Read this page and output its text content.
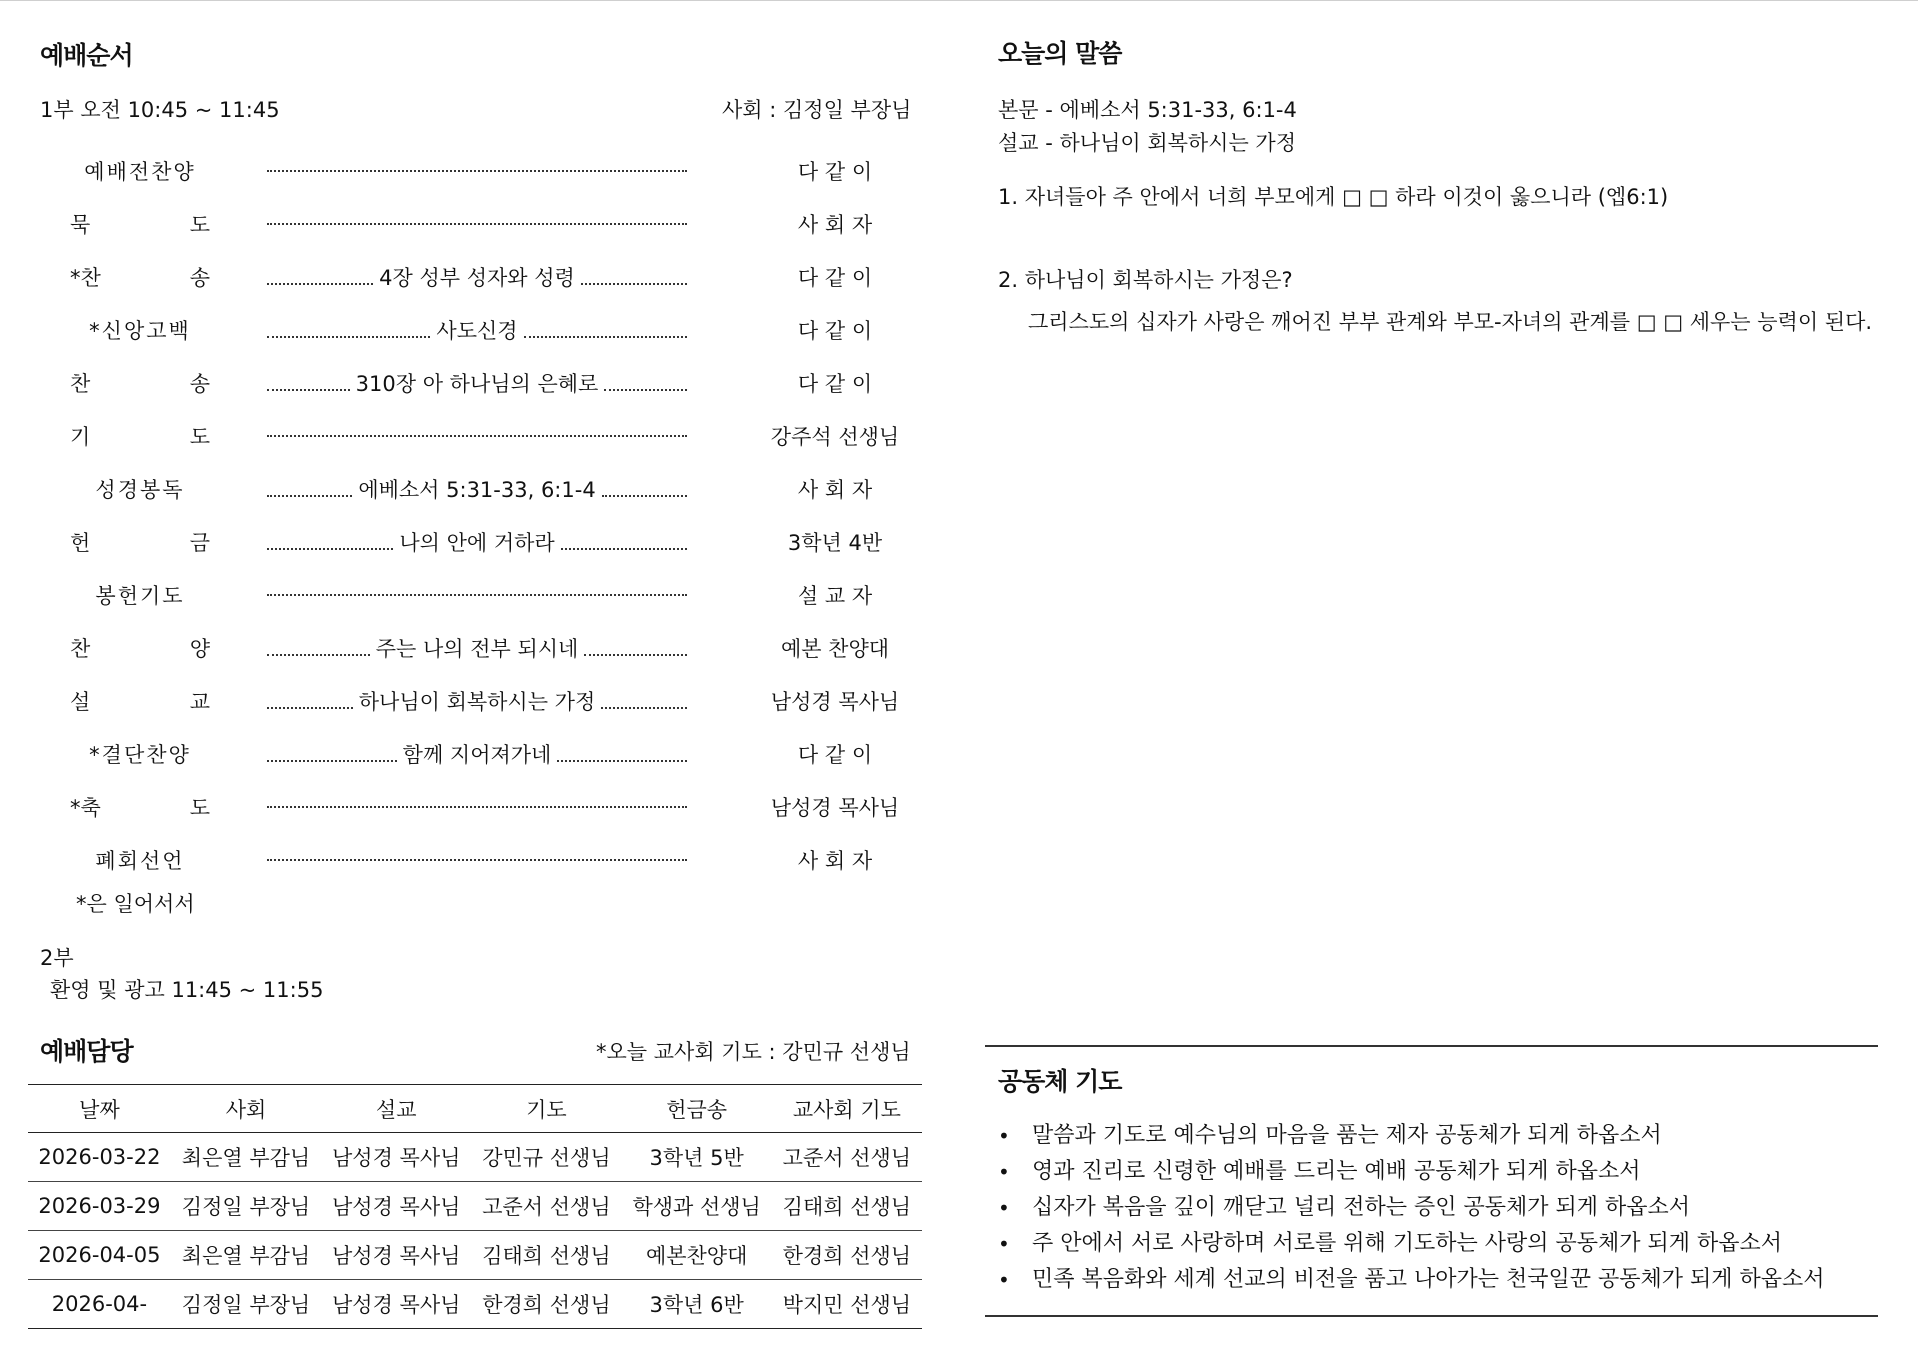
예배순서
1부 오전 10:45 ~ 11:45	사회 : 김정일 부장님
예배전찬양	다 같 이
묵	도	사 회 자
*찬	송	4장 성부 성자와 성령	다 같 이
*신앙고백	사도신경	다 같 이
찬	송	310장 아 하나님의 은혜로	다 같 이
기	도	강주석 선생님
성경봉독	에베소서 5:31-33, 6:1-4	사 회 자
헌	금	나의 안에 거하라	3학년 4반
봉헌기도	설 교 자
찬	양	주는 나의 전부 되시네	예본 찬양대
설	교	하나님이 회복하시는 가정	남성경 목사님
*결단찬양	함께 지어져가네	다 같 이
*축	도	남성경 목사님
폐회선언	사 회 자
*은 일어서서
2부
환영 및 광고 11:45 ~ 11:55
예배담당	*오늘 교사회 기도 : 강민규 선생님
날짜	사회	설교	기도	헌금송	교사회 기도
2026-03-22	최은열 부감님	남성경 목사님	강민규 선생님	3학년 5반	고준서 선생님
2026-03-29	김정일 부장님	남성경 목사님	고준서 선생님	학생과 선생님	김태희 선생님
2026-04-05	최은열 부감님	남성경 목사님	김태희 선생님	예본찬양대	한경희 선생님
2026-04-	김정일 부장님	남성경 목사님	한경희 선생님	3학년 6반	박지민 선생님
오늘의 말씀
본문 - 에베소서 5:31-33, 6:1-4
설교 - 하나님이 회복하시는 가정
1. 자녀들아 주 안에서 너희 부모에게 □ □ 하라 이것이 옳으니라 (엡6:1)
2. 하나님이 회복하시는 가정은?
그리스도의 십자가 사랑은 깨어진 부부 관계와 부모-자녀의 관계를 □ □ 세우는 능력이 된다.
공동체 기도
•	말씀과 기도로 예수님의 마음을 품는 제자 공동체가 되게 하옵소서
•	영과 진리로 신령한 예배를 드리는 예배 공동체가 되게 하옵소서
•	십자가 복음을 깊이 깨닫고 널리 전하는 증인 공동체가 되게 하옵소서
•	주 안에서 서로 사랑하며 서로를 위해 기도하는 사랑의 공동체가 되게 하옵소서
•	민족 복음화와 세계 선교의 비전을 품고 나아가는 천국일꾼 공동체가 되게 하옵소서
